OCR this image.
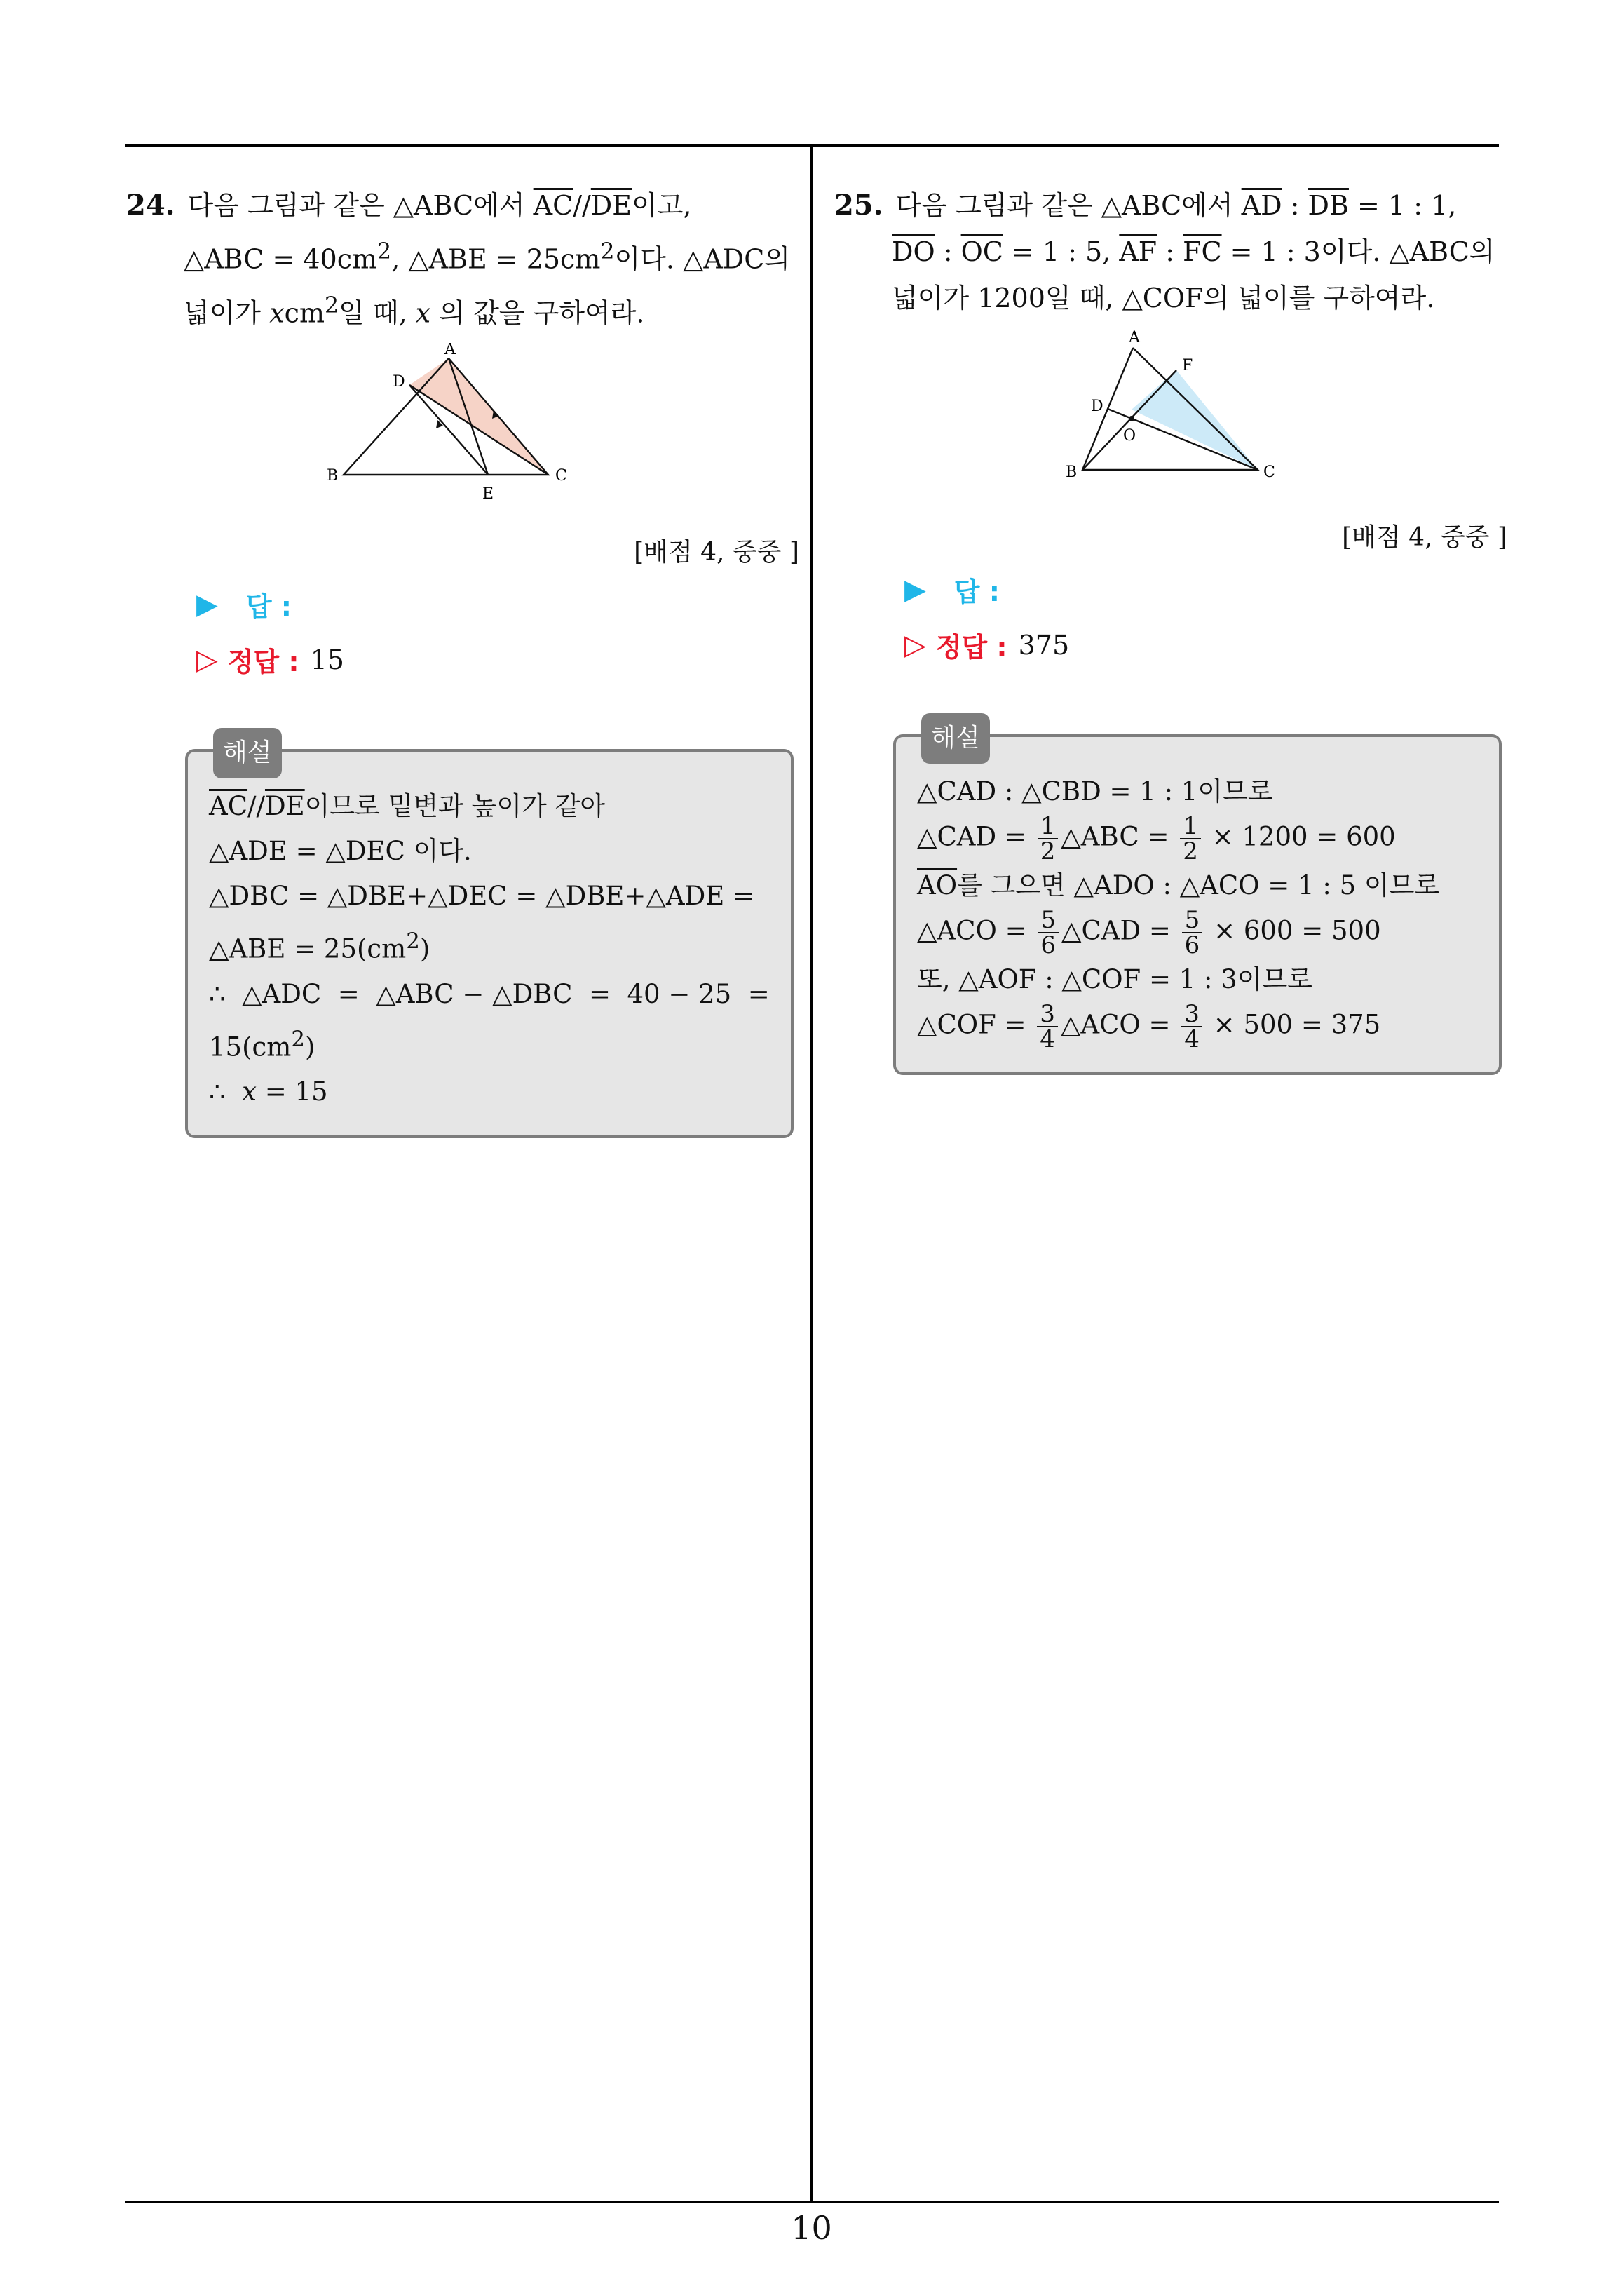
24. 다음 그림과 같은 △ABC에서 $\overline{AC}//\overline{DE}$이고,
△ABC = $40cm^2$, △ABE = $25cm^2$이다. △ADC의
넓이가 xcm$^2$일 때, x 의 값을 구하여라.
A
B	C
D
E
[배점 4, 중중 ]
▶ 답 :
▷ 정답 : 15
해설
$\overline{AC}//\overline{DE}$이므로 밑변과 높이가 같아
△ADE = △DEC 이다.
△DBC = △DBE+△DEC = △DBE+△ADE =
△ABE = $25(cm^2)$
∴  △ADC  =  △ABC − △DBC  =  40 − 25  =
$15(cm^2)$
∴  x = 15
25. 다음 그림과 같은 △ABC에서 $\overline{AD}$ : $\overline{DB} = 1$ : 1,
$\overline{DO}$ : $\overline{OC} = 1$ : 5, $\overline{AF}$ : $\overline{FC} = 1$ : 3이다. △ABC의
넓이가 1200일 때, △COF의 넓이를 구하여라.
A
B	C
D
F
O
[배점 4, 중중 ]
▶ 답 :
▷ 정답 : 375
해설
△CAD : △CBD = 1 : 1이므로
△CAD = $\frac{1}{2}$ △ABC = $\frac{1}{2} \times 1200 = 600$
$\overline{AO}$를 그으면 △ADO : △ACO = 1 : 5 이므로
△ACO = $\frac{5}{6}$ △CAD = $\frac{5}{6} \times 600 = 500$
또, △AOF : △COF = 1 : 3이므로
△COF = $\frac{3}{4}$ △ACO = $\frac{3}{4} \times 500 = 375$
10
